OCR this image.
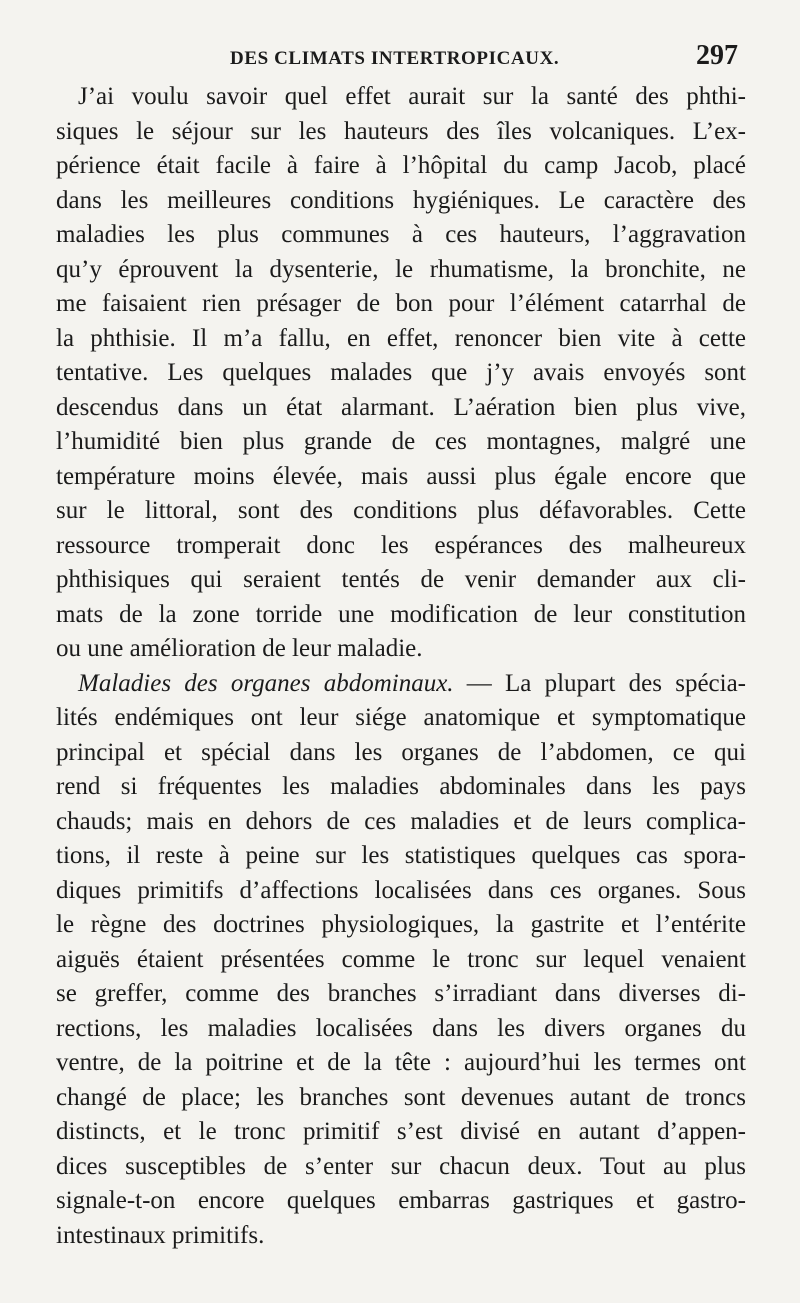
DES CLIMATS INTERTROPICAUX.	297
J’ai voulu savoir quel effet aurait sur la santé des phthi-
siques le séjour sur les hauteurs des îles volcaniques. L’ex-
périence était facile à faire à l’hôpital du camp Jacob, placé
dans les meilleures conditions hygiéniques. Le caractère des
maladies les plus communes à ces hauteurs, l’aggravation
qu’y éprouvent la dysenterie, le rhumatisme, la bronchite, ne
me faisaient rien présager de bon pour l’élément catarrhal de
la phthisie. Il m’a fallu, en effet, renoncer bien vite à cette
tentative. Les quelques malades que j’y avais envoyés sont
descendus dans un état alarmant. L’aération bien plus vive,
l’humidité bien plus grande de ces montagnes, malgré une
température moins élevée, mais aussi plus égale encore que
sur le littoral, sont des conditions plus défavorables. Cette
ressource tromperait donc les espérances des malheureux
phthisiques qui seraient tentés de venir demander aux cli-
mats de la zone torride une modification de leur constitution
ou une amélioration de leur maladie.
Maladies des organes abdominaux. — La plupart des spécia-
lités endémiques ont leur siége anatomique et symptomatique
principal et spécial dans les organes de l’abdomen, ce qui
rend si fréquentes les maladies abdominales dans les pays
chauds; mais en dehors de ces maladies et de leurs complica-
tions, il reste à peine sur les statistiques quelques cas spora-
diques primitifs d’affections localisées dans ces organes. Sous
le règne des doctrines physiologiques, la gastrite et l’entérite
aiguës étaient présentées comme le tronc sur lequel venaient
se greffer, comme des branches s’irradiant dans diverses di-
rections, les maladies localisées dans les divers organes du
ventre, de la poitrine et de la tête : aujourd’hui les termes ont
changé de place; les branches sont devenues autant de troncs
distincts, et le tronc primitif s’est divisé en autant d’appen-
dices susceptibles de s’enter sur chacun deux. Tout au plus
signale-t-on encore quelques embarras gastriques et gastro-
intestinaux primitifs.
